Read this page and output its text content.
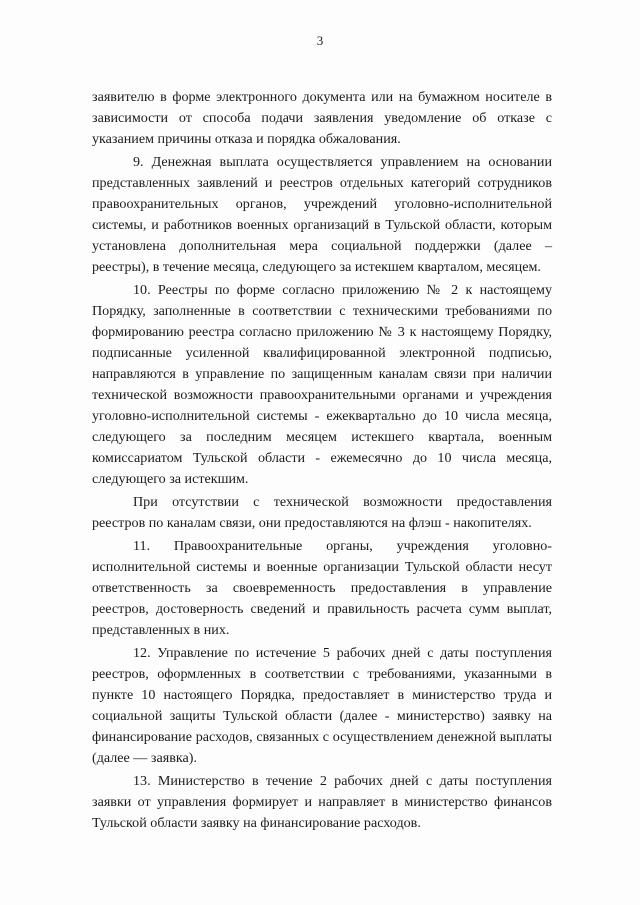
3

заявителю в форме электронного документа или на бумажном носителе в зависимости от способа подачи заявления уведомление об отказе с указанием причины отказа и порядка обжалования.

9. Денежная выплата осуществляется управлением на основании представленных заявлений и реестров отдельных категорий сотрудников правоохранительных органов, учреждений уголовно-исполнительной системы, и работников военных организаций в Тульской области, которым установлена дополнительная мера социальной поддержки (далее – реестры), в течение месяца, следующего за истекшем кварталом, месяцем.

10. Реестры по форме согласно приложению № 2 к настоящему Порядку, заполненные в соответствии с техническими требованиями по формированию реестра согласно приложению № 3 к настоящему Порядку, подписанные усиленной квалифицированной электронной подписью, направляются в управление по защищенным каналам связи при наличии технической возможности правоохранительными органами и учреждения уголовно-исполнительной системы - ежеквартально до 10 числа месяца, следующего за последним месяцем истекшего квартала, военным комиссариатом Тульской области - ежемесячно до 10 числа месяца, следующего за истекшим.

При отсутствии с технической возможности предоставления реестров по каналам связи, они предоставляются на флэш - накопителях.

11. Правоохранительные органы, учреждения уголовно-исполнительной системы и военные организации Тульской области несут ответственность за своевременность предоставления в управление реестров, достоверность сведений и правильность расчета сумм выплат, представленных в них.

12. Управление по истечение 5 рабочих дней с даты поступления реестров, оформленных в соответствии с требованиями, указанными в пункте 10 настоящего Порядка, предоставляет в министерство труда и социальной защиты Тульской области (далее - министерство) заявку на финансирование расходов, связанных с осуществлением денежной выплаты (далее — заявка).

13. Министерство в течение 2 рабочих дней с даты поступления заявки от управления формирует и направляет в министерство финансов Тульской области заявку на финансирование расходов.
